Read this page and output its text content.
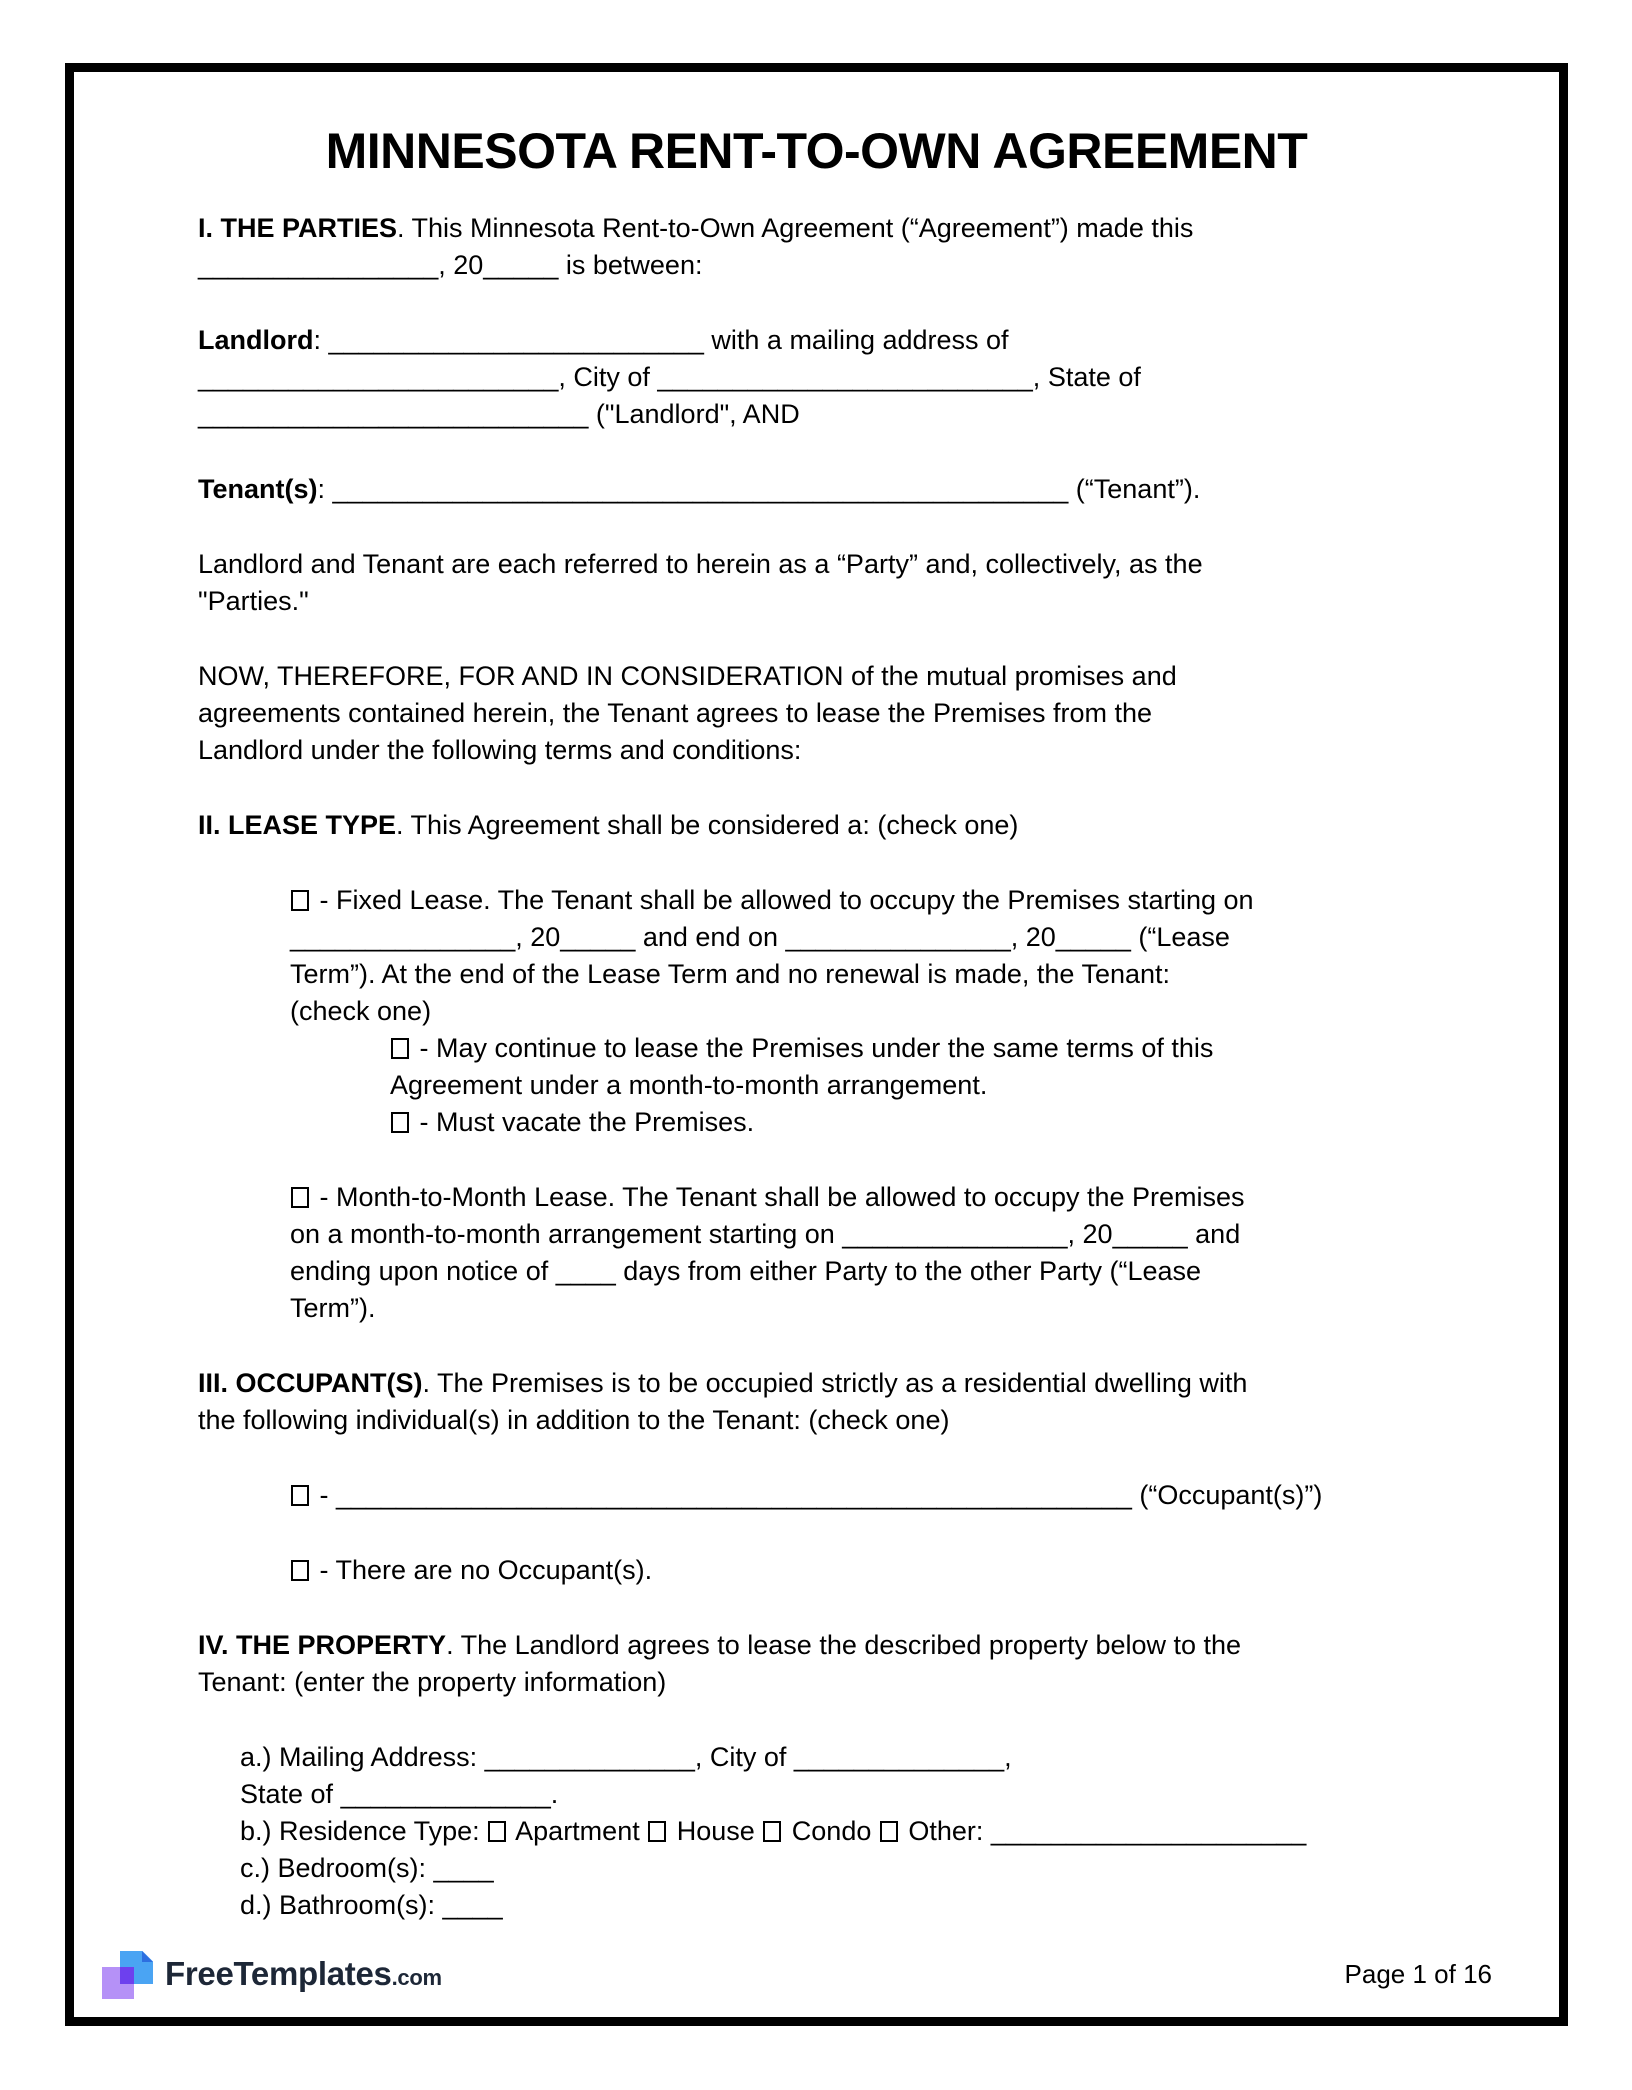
MINNESOTA RENT-TO-OWN AGREEMENT

I. THE PARTIES. This Minnesota Rent-to-Own Agreement (“Agreement”) made this
________________, 20_____ is between:

Landlord: _________________________ with a mailing address of
________________________, City of _________________________, State of
__________________________ ("Landlord", AND

Tenant(s): _________________________________________________ (“Tenant”).

Landlord and Tenant are each referred to herein as a “Party” and, collectively, as the
"Parties."

NOW, THEREFORE, FOR AND IN CONSIDERATION of the mutual promises and
agreements contained herein, the Tenant agrees to lease the Premises from the
Landlord under the following terms and conditions:

II. LEASE TYPE. This Agreement shall be considered a: (check one)

- Fixed Lease. The Tenant shall be allowed to occupy the Premises starting on
_______________, 20_____ and end on _______________, 20_____ (“Lease
Term”). At the end of the Lease Term and no renewal is made, the Tenant:
(check one)

- May continue to lease the Premises under the same terms of this
Agreement under a month-to-month arrangement.

- Must vacate the Premises.

- Month-to-Month Lease. The Tenant shall be allowed to occupy the Premises
on a month-to-month arrangement starting on _______________, 20_____ and
ending upon notice of ____ days from either Party to the other Party (“Lease
Term”).

III. OCCUPANT(S). The Premises is to be occupied strictly as a residential dwelling with
the following individual(s) in addition to the Tenant: (check one)

- _____________________________________________________ (“Occupant(s)”)

- There are no Occupant(s).

IV. THE PROPERTY. The Landlord agrees to lease the described property below to the
Tenant: (enter the property information)

a.) Mailing Address: ______________, City of ______________,
State of ______________.
b.) Residence Type:  Apartment  House  Condo  Other: _____________________
c.) Bedroom(s): ____
d.) Bathroom(s): ____

FreeTemplates.com	Page 1 of 16
